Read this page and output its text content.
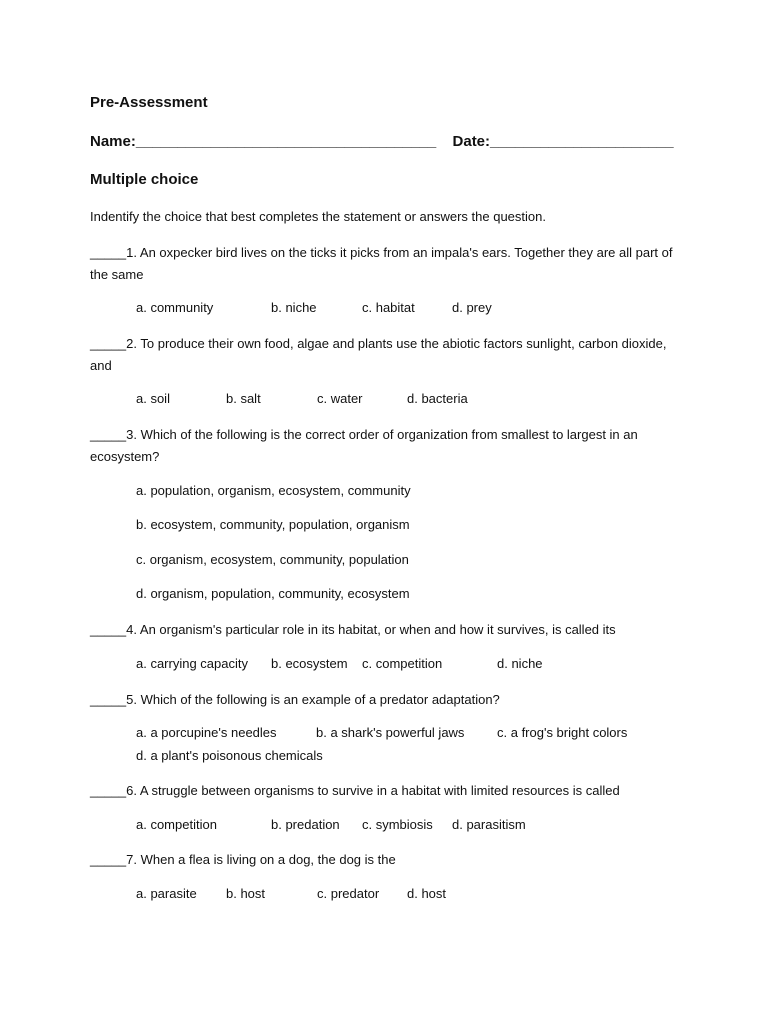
Pre-Assessment
Name:____________________________________ Date:______________________
Multiple choice
Indentify the choice that best completes the statement or answers the question.
_____1. An oxpecker bird lives on the ticks it picks from an impala's ears. Together they are all part of the same
a. community	b. niche	c. habitat	d. prey
_____2. To produce their own food, algae and plants use the abiotic factors sunlight, carbon dioxide, and
a. soil	b. salt	c. water	d. bacteria
_____3. Which of the following is the correct order of organization from smallest to largest in an ecosystem?
a. population, organism, ecosystem, community
b. ecosystem, community, population, organism
c. organism, ecosystem, community, population
d. organism, population, community, ecosystem
_____4. An organism's particular role in its habitat, or when and how it survives, is called its
a. carrying capacity b. ecosystem c. competition	d. niche
_____5. Which of the following is an example of a predator adaptation?
a. a porcupine's needles	b. a shark's powerful jaws	c. a frog's bright colors
d. a plant's poisonous chemicals
_____6. A struggle between organisms to survive in a habitat with limited resources is called
a. competition	b. predation c. symbiosis d. parasitism
_____7. When a flea is living on a dog, the dog is the
a. parasite b. host	c. predator d. host
